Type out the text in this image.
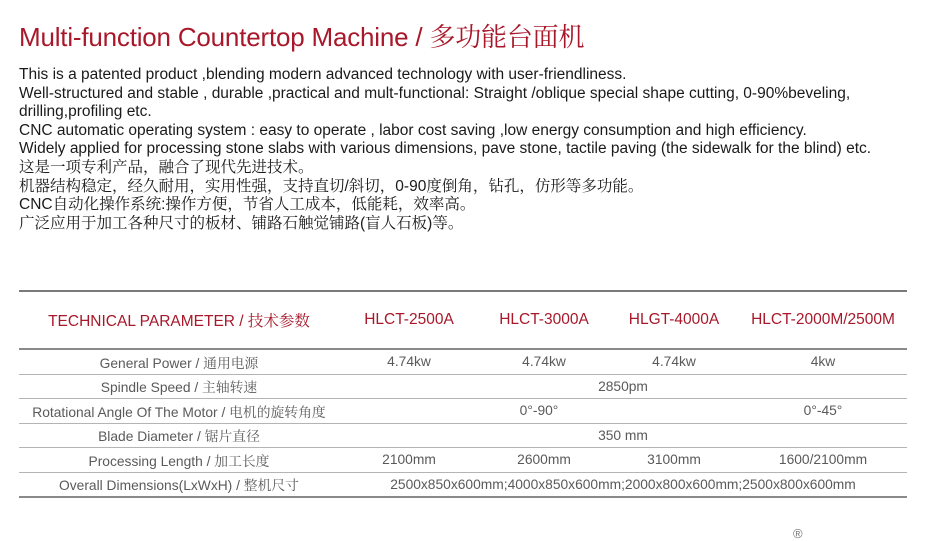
Multi-function Countertop Machine / 多功能台面机
This is a patented product ,blending modern advanced technology with user-friendliness.
Well-structured and stable , durable ,practical and mult-functional: Straight /oblique special shape cutting, 0-90%beveling, drilling,profiling etc.
CNC automatic operating system : easy to operate , labor cost saving ,low energy consumption and high efficiency.
Widely applied for processing stone slabs with various dimensions, pave stone, tactile paving (the sidewalk for the blind) etc.
这是一项专利产品，融合了现代先进技术。
机器结构稳定，经久耐用，实用性强，支持直切/斜切，0-90度倒角，钻孔，仿形等多功能。
CNC自动化操作系统:操作方便，节省人工成本，低能耗，效率高。
广泛应用于加工各种尺寸的板材、铺路石触觉铺路(盲人石板)等。
TECHNICAL PARAMETER / 技术参数	HLCT-2500A	HLCT-3000A	HLGT-4000A	HLCT-2000M/2500M
General Power / 通用电源	4.74kw	4.74kw	4.74kw	4kw
Spindle Speed / 主轴转速	2850pm			
Rotational Angle Of The Motor / 电机的旋转角度	0°-90°			0°-45°
Blade Diameter / 锯片直径	350 mm			
Processing Length / 加工长度	2100mm	2600mm	3100mm	1600/2100mm
Overall Dimensions(LxWxH) / 整机尺寸	2500x850x600mm;4000x850x600mm;2000x800x600mm;2500x800x600mm			
®
